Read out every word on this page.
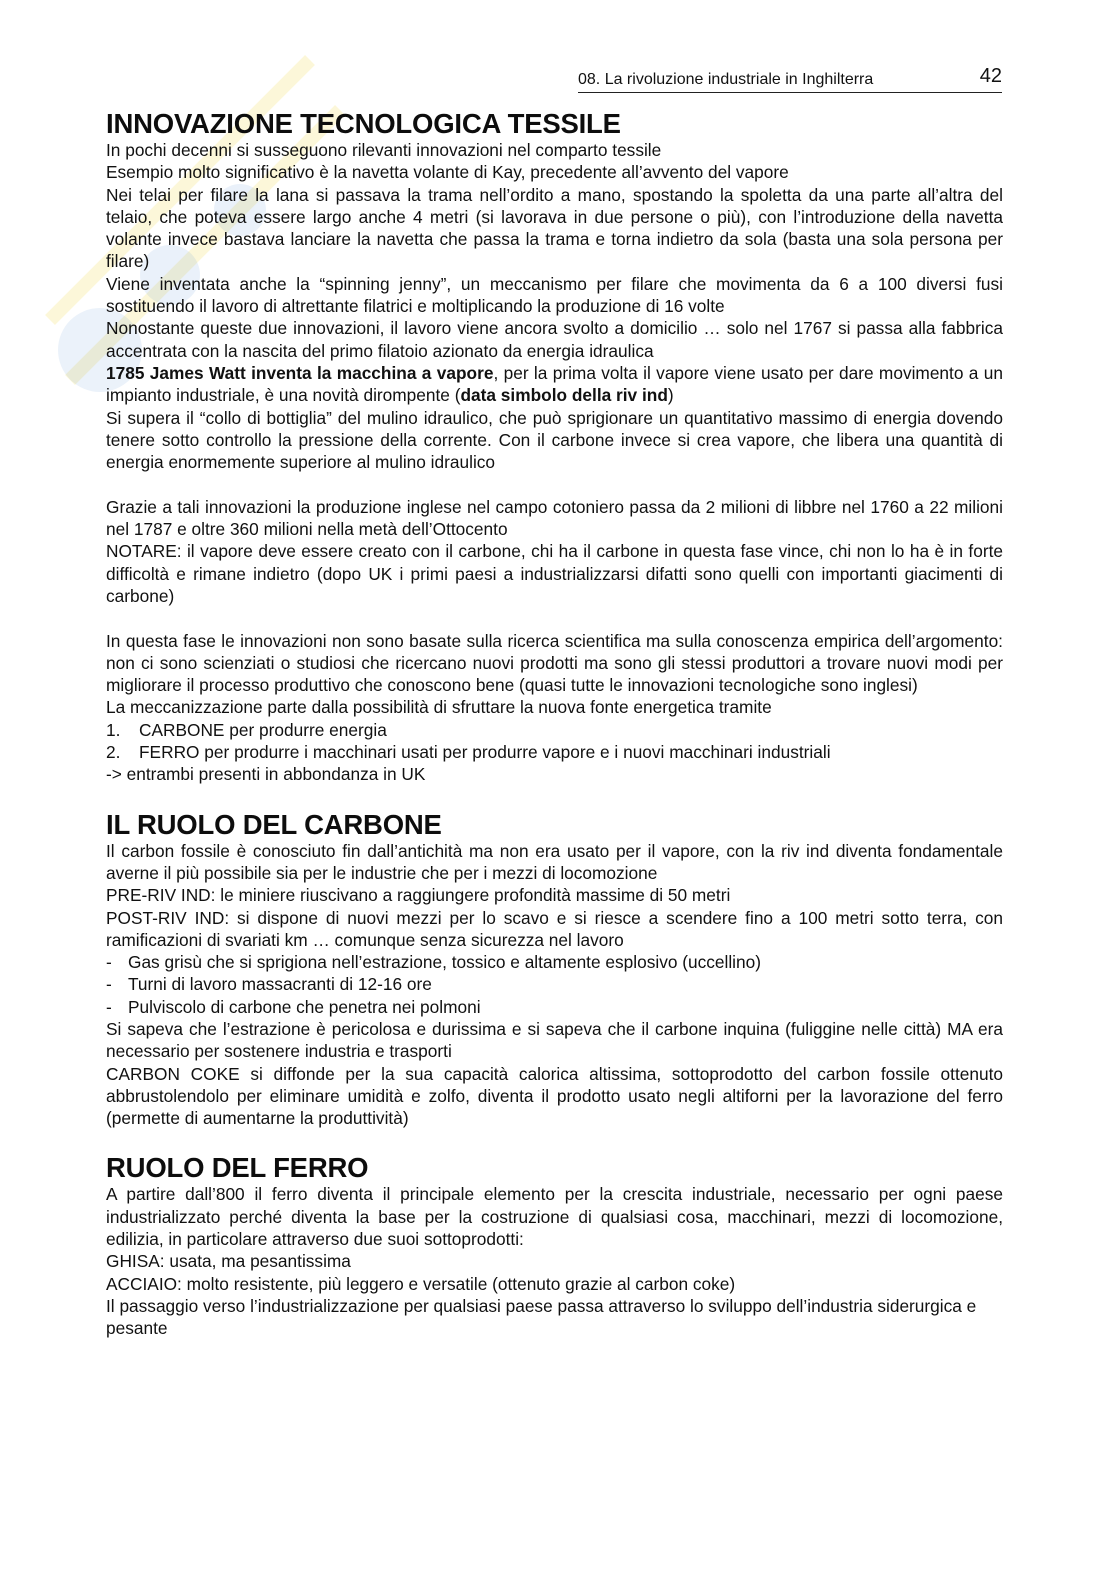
08. La rivoluzione industriale in Inghilterra	42
INNOVAZIONE TECNOLOGICA TESSILE

In pochi decenni si susseguono rilevanti innovazioni nel comparto tessile

Esempio molto significativo è la navetta volante di Kay, precedente all’avvento del vapore

Nei telai per filare la lana si passava la trama nell’ordito a mano, spostando la spoletta da una parte all’altra del telaio, che poteva essere largo anche 4 metri (si lavorava in due persone o più), con l’introduzione della navetta volante invece bastava lanciare la navetta che passa la trama e torna indietro da sola (basta una sola persona per filare)

Viene inventata anche la “spinning jenny”, un meccanismo per filare che movimenta da 6 a 100 diversi fusi sostituendo il lavoro di altrettante filatrici e moltiplicando la produzione di 16 volte

Nonostante queste due innovazioni, il lavoro viene ancora svolto a domicilio … solo nel 1767 si passa alla fabbrica accentrata con la nascita del primo filatoio azionato da energia idraulica

1785 James Watt inventa la macchina a vapore, per la prima volta il vapore viene usato per dare movimento a un impianto industriale, è una novità dirompente (data simbolo della riv ind)

Si supera il “collo di bottiglia” del mulino idraulico, che può sprigionare un quantitativo massimo di energia dovendo tenere sotto controllo la pressione della corrente. Con il carbone invece si crea vapore, che libera una quantità di energia enormemente superiore al mulino idraulico

Grazie a tali innovazioni la produzione inglese nel campo cotoniero passa da 2 milioni di libbre nel 1760 a 22 milioni nel 1787 e oltre 360 milioni nella metà dell’Ottocento

NOTARE: il vapore deve essere creato con il carbone, chi ha il carbone in questa fase vince, chi non lo ha è in forte difficoltà e rimane indietro (dopo UK i primi paesi a industrializzarsi difatti sono quelli con importanti giacimenti di carbone)

In questa fase le innovazioni non sono basate sulla ricerca scientifica ma sulla conoscenza empirica dell’argomento: non ci sono scienziati o studiosi che ricercano nuovi prodotti ma sono gli stessi produttori a trovare nuovi modi per migliorare il processo produttivo che conoscono bene (quasi tutte le innovazioni tecnologiche sono inglesi)

La meccanizzazione parte dalla possibilità di sfruttare la nuova fonte energetica tramite

1.	CARBONE per produrre energia
2.	FERRO per produrre i macchinari usati per produrre vapore e i nuovi macchinari industriali

-> entrambi presenti in abbondanza in UK

IL RUOLO DEL CARBONE

Il carbon fossile è conosciuto fin dall’antichità ma non era usato per il vapore, con la riv ind diventa fondamentale averne il più possibile sia per le industrie che per i mezzi di locomozione

PRE-RIV IND: le miniere riuscivano a raggiungere profondità massime di 50 metri

POST-RIV IND: si dispone di nuovi mezzi per lo scavo e si riesce a scendere fino a 100 metri sotto terra, con ramificazioni di svariati km … comunque senza sicurezza nel lavoro

- Gas grisù che si sprigiona nell’estrazione, tossico e altamente esplosivo (uccellino)
- Turni di lavoro massacranti di 12-16 ore
- Pulviscolo di carbone che penetra nei polmoni

Si sapeva che l’estrazione è pericolosa e durissima e si sapeva che il carbone inquina (fuliggine nelle città) MA era necessario per sostenere industria e trasporti

CARBON COKE si diffonde per la sua capacità calorica altissima, sottoprodotto del carbon fossile ottenuto abbrustolendolo per eliminare umidità e zolfo, diventa il prodotto usato negli altiforni per la lavorazione del ferro (permette di aumentarne la produttività)

RUOLO DEL FERRO

A partire dall’800 il ferro diventa il principale elemento per la crescita industriale, necessario per ogni paese industrializzato perché diventa la base per la costruzione di qualsiasi cosa, macchinari, mezzi di locomozione, edilizia, in particolare attraverso due suoi sottoprodotti:

GHISA: usata, ma pesantissima

ACCIAIO: molto resistente, più leggero e versatile (ottenuto grazie al carbon coke)

Il passaggio verso l’industrializzazione per qualsiasi paese passa attraverso lo sviluppo dell’industria siderurgica e pesante
